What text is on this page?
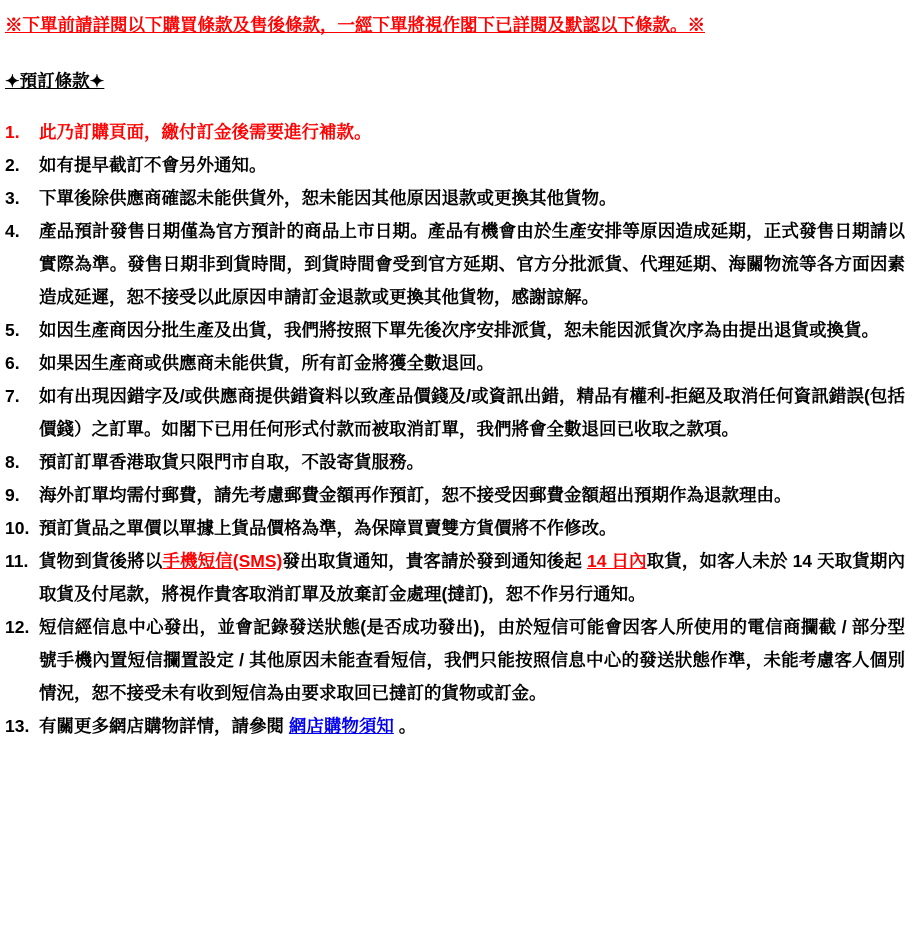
※下單前請詳閱以下購買條款及售後條款，一經下單將視作閣下已詳閱及默認以下條款。※

✦預訂條款✦
1.	此乃訂購頁面，繳付訂金後需要進行補款。
2.	如有提早截訂不會另外通知。
3.	下單後除供應商確認未能供貨外，恕未能因其他原因退款或更換其他貨物。
4.	產品預計發售日期僅為官方預計的商品上市日期。產品有機會由於生產安排等原因造成延期，正式發售日期請以實際為準。發售日期非到貨時間，到貨時間會受到官方延期、官方分批派貨、代理延期、海關物流等各方面因素造成延遲，恕不接受以此原因申請訂金退款或更換其他貨物，感謝諒解。
5.	如因生產商因分批生產及出貨，我們將按照下單先後次序安排派貨，恕未能因派貨次序為由提出退貨或換貨。
6.	如果因生產商或供應商未能供貨，所有訂金將獲全數退回。
7.	如有出現因錯字及/或供應商提供錯資料以致產品價錢及/或資訊出錯，精品有權利-拒絕及取消任何資訊錯誤(包括價錢）之訂單。如閣下已用任何形式付款而被取消訂單，我們將會全數退回已收取之款項。
8.	預訂訂單香港取貨只限門市自取，不設寄貨服務。
9.	海外訂單均需付郵費，請先考慮郵費金額再作預訂，恕不接受因郵費金額超出預期作為退款理由。
10. 預訂貨品之單價以單據上貨品價格為準，為保障買賣雙方貨價將不作修改。
11. 貨物到貨後將以手機短信(SMS)發出取貨通知，貴客請於發到通知後起 14 日內取貨，如客人未於 14 天取貨期內取貨及付尾款，將視作貴客取消訂單及放棄訂金處理(撻訂)，恕不作另行通知。
12. 短信經信息中心發出，並會記錄發送狀態(是否成功發出)，由於短信可能會因客人所使用的電信商攔截 / 部分型號手機內置短信攔置設定 / 其他原因未能查看短信，我們只能按照信息中心的發送狀態作準，未能考慮客人個別情況，恕不接受未有收到短信為由要求取回已撻訂的貨物或訂金。
13. 有關更多網店購物詳情，請參閱 網店購物須知 。
